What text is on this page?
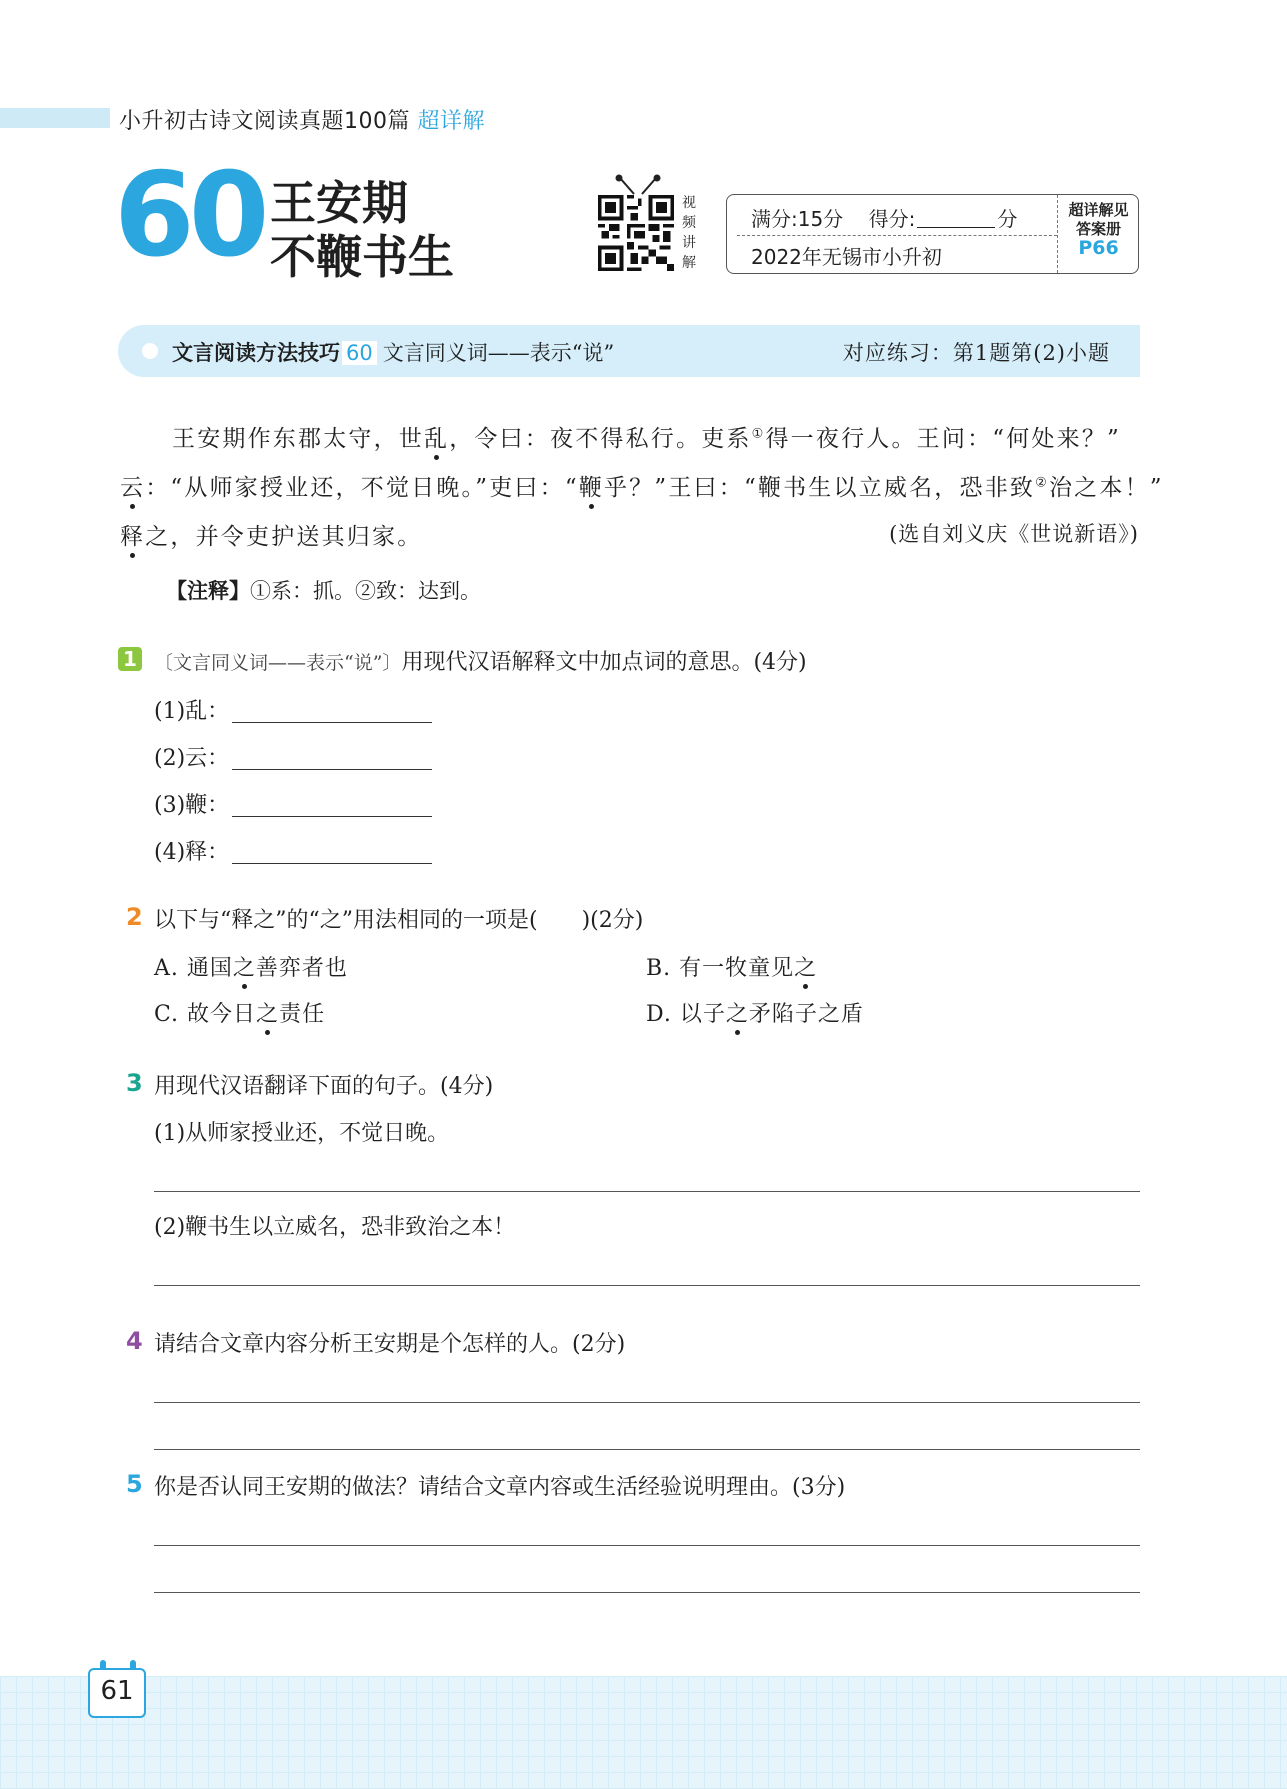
小升初古诗文阅读真题100篇 超详解
60 王安期
不鞭书生
视
频
讲
解
满分:15分 得分:	分
2022年无锡市小升初
超详解见
答案册
P66
文言阅读方法技巧 60 文言同义词——表示“说”	对应练习：第1题第(2)小题
王安期作东郡太守，世乱，令曰：夜不得私行。吏系①得一夜行人。王问：“何处来？”
云：“从师家授业还，不觉日晚。”吏曰：“鞭乎？”王曰：“鞭书生以立威名，恐非致②治之本！”
释之，并令吏护送其归家。	(选自刘义庆《世说新语》)
【注释】①系：抓。②致：达到。
1 〔文言同义词——表示“说”〕用现代汉语解释文中加点词的意思。(4分)
(1)乱：
(2)云：
(3)鞭：
(4)释：
2 以下与“释之”的“之”用法相同的一项是(　　)(2分)
A. 通国之善弈者也	B. 有一牧童见之
C. 故今日之责任	D. 以子之矛陷子之盾
3 用现代汉语翻译下面的句子。(4分)
(1)从师家授业还，不觉日晚。
(2)鞭书生以立威名，恐非致治之本！
4 请结合文章内容分析王安期是个怎样的人。(2分)
5 你是否认同王安期的做法？请结合文章内容或生活经验说明理由。(3分)
61
